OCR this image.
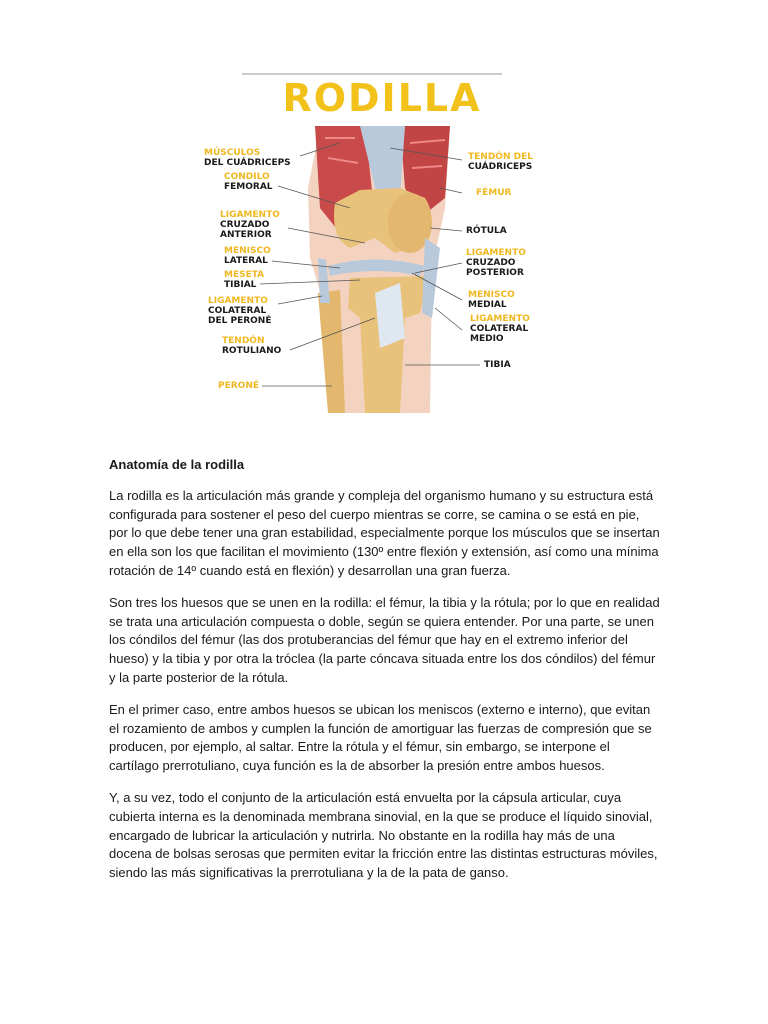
RODILLA
MÚSCULOS
DEL CUÁDRICEPS
CONDILO
FEMORAL
LIGAMENTO
CRUZADO
ANTERIOR
MENISCO
LATERAL
MESETA
TIBIAL
LIGAMENTO
COLATERAL
DEL PERONÉ
TENDÓN
ROTULIANO
PERONÉ
TENDÓN DEL
CUÁDRICEPS
FÉMUR
RÓTULA
LIGAMENTO
CRUZADO
POSTERIOR
MENISCO
MEDIAL
LIGAMENTO
COLATERAL
MEDIO
TIBIA
Anatomía de la rodilla

La rodilla es la articulación más grande y compleja del organismo humano y su estructura está configurada para sostener el peso del cuerpo mientras se corre, se camina o se está en pie, por lo que debe tener una gran estabilidad, especialmente porque los músculos que se insertan en ella son los que facilitan el movimiento (130º entre flexión y extensión, así como una mínima rotación de 14º cuando está en flexión) y desarrollan una gran fuerza.

Son tres los huesos que se unen en la rodilla: el fémur, la tibia y la rótula; por lo que en realidad se trata una articulación compuesta o doble, según se quiera entender. Por una parte, se unen los cóndilos del fémur (las dos protuberancias del fémur que hay en el extremo inferior del hueso) y la tibia y por otra la tróclea (la parte cóncava situada entre los dos cóndilos) del fémur y la parte posterior de la rótula.

En el primer caso, entre ambos huesos se ubican los meniscos (externo e interno), que evitan el rozamiento de ambos y cumplen la función de amortiguar las fuerzas de compresión que se producen, por ejemplo, al saltar. Entre la rótula y el fémur, sin embargo, se interpone el cartílago prerrotuliano, cuya función es la de absorber la presión entre ambos huesos.

Y, a su vez, todo el conjunto de la articulación está envuelta por la cápsula articular, cuya cubierta interna es la denominada membrana sinovial, en la que se produce el líquido sinovial, encargado de lubricar la articulación y nutrirla. No obstante en la rodilla hay más de una docena de bolsas serosas que permiten evitar la fricción entre las distintas estructuras móviles, siendo las más significativas la prerrotuliana y la de la pata de ganso.
